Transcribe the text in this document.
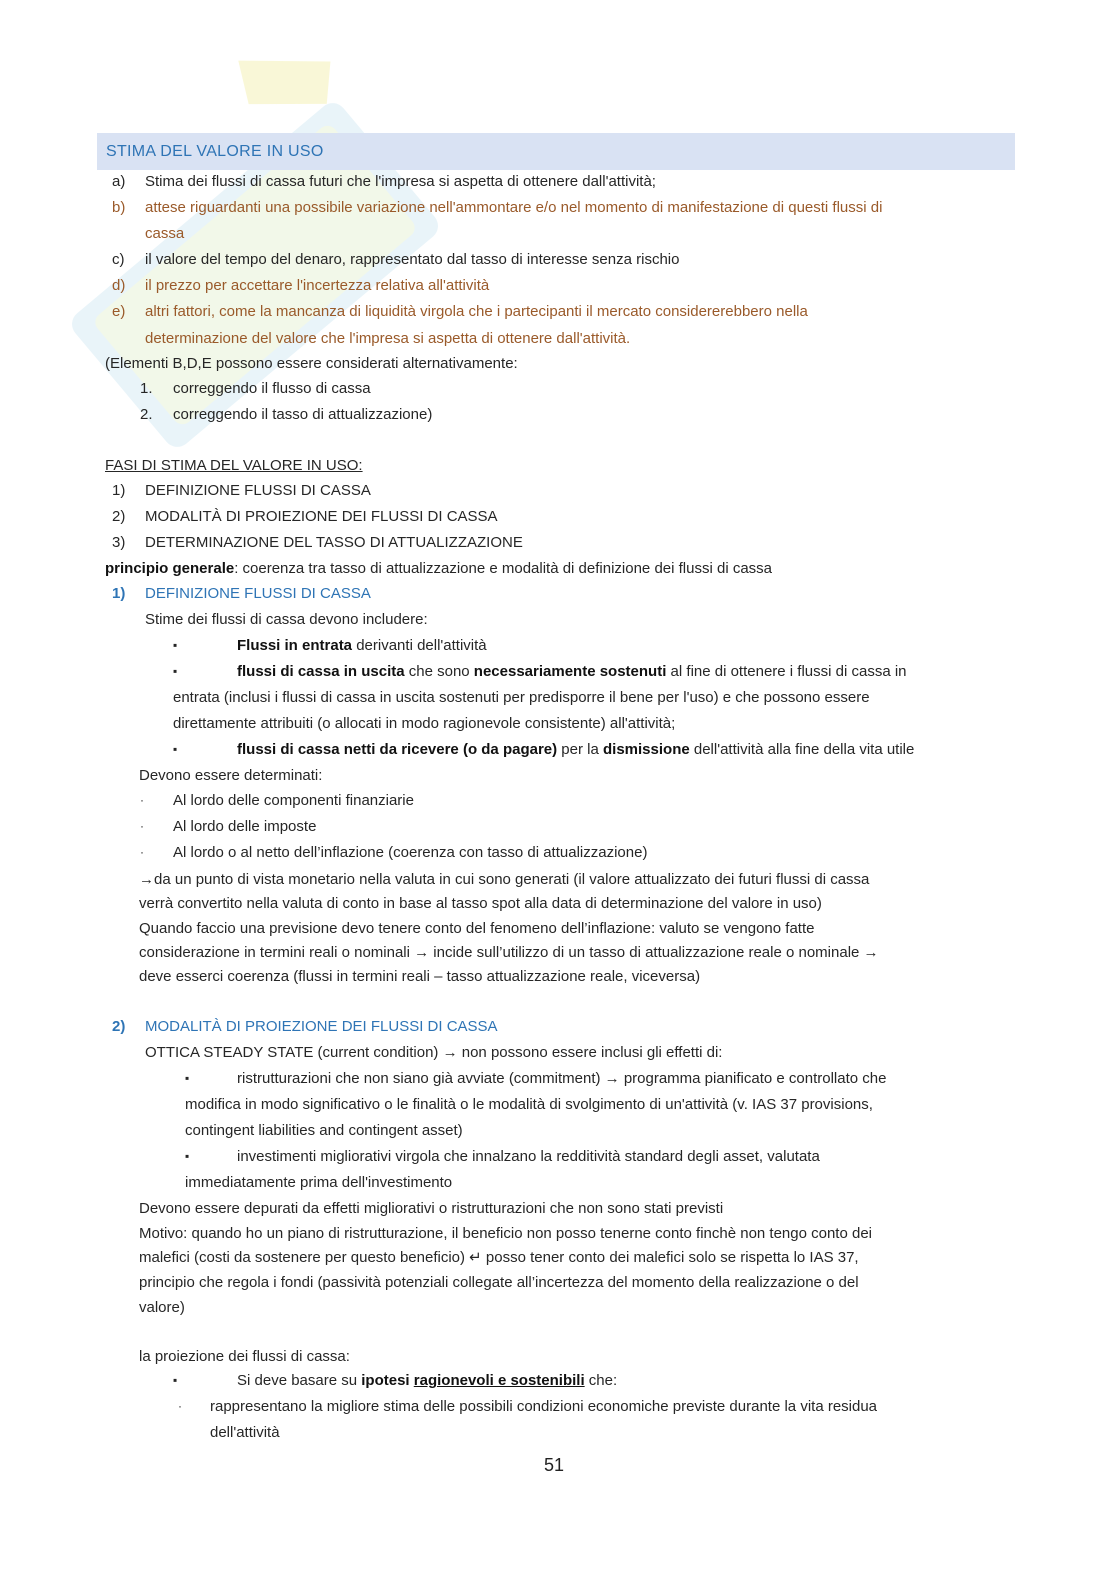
STIMA DEL VALORE IN USO
a) Stima dei flussi di cassa futuri che l'impresa si aspetta di ottenere dall'attività;
b) attese riguardanti una possibile variazione nell'ammontare e/o nel momento di manifestazione di questi flussi di
cassa
c) il valore del tempo del denaro, rappresentato dal tasso di interesse senza rischio
d) il prezzo per accettare l'incertezza relativa all'attività
e) altri fattori, come la mancanza di liquidità virgola che i partecipanti il mercato considererebbero nella
determinazione del valore che l'impresa si aspetta di ottenere dall'attività.
(Elementi B,D,E possono essere considerati alternativamente:
1. correggendo il flusso di cassa
2. correggendo il tasso di attualizzazione)
FASI DI STIMA DEL VALORE IN USO:
1) DEFINIZIONE FLUSSI DI CASSA
2) MODALITÀ DI PROIEZIONE DEI FLUSSI DI CASSA
3) DETERMINAZIONE DEL TASSO DI ATTUALIZZAZIONE
principio generale: coerenza tra tasso di attualizzazione e modalità di definizione dei flussi di cassa
1) DEFINIZIONE FLUSSI DI CASSA
Stime dei flussi di cassa devono includere:
▪	Flussi in entrata derivanti dell'attività
▪	flussi di cassa in uscita che sono necessariamente sostenuti al fine di ottenere i flussi di cassa in
entrata (inclusi i flussi di cassa in uscita sostenuti per predisporre il bene per l'uso) e che possono essere
direttamente attribuiti (o allocati in modo ragionevole consistente) all'attività;
▪	flussi di cassa netti da ricevere (o da pagare) per la dismissione dell'attività alla fine della vita utile
Devono essere determinati:
· Al lordo delle componenti finanziarie
· Al lordo delle imposte
· Al lordo o al netto dell’inflazione (coerenza con tasso di attualizzazione)
→da un punto di vista monetario nella valuta in cui sono generati (il valore attualizzato dei futuri flussi di cassa
verrà convertito nella valuta di conto in base al tasso spot alla data di determinazione del valore in uso)
Quando faccio una previsione devo tenere conto del fenomeno dell’inflazione: valuto se vengono fatte
considerazione in termini reali o nominali → incide sull’utilizzo di un tasso di attualizzazione reale o nominale →
deve esserci coerenza (flussi in termini reali – tasso attualizzazione reale, viceversa)
2) MODALITÀ DI PROIEZIONE DEI FLUSSI DI CASSA
OTTICA STEADY STATE (current condition) → non possono essere inclusi gli effetti di:
▪	ristrutturazioni che non siano già avviate (commitment) → programma pianificato e controllato che
modifica in modo significativo o le finalità o le modalità di svolgimento di un'attività (v. IAS 37 provisions,
contingent liabilities and contingent asset)
▪	investimenti migliorativi virgola che innalzano la redditività standard degli asset, valutata
immediatamente prima dell'investimento
Devono essere depurati da effetti migliorativi o ristrutturazioni che non sono stati previsti
Motivo: quando ho un piano di ristrutturazione, il beneficio non posso tenerne conto finchè non tengo conto dei
malefici (costi da sostenere per questo beneficio) ↵ posso tener conto dei malefici solo se rispetta lo IAS 37,
principio che regola i fondi (passività potenziali collegate all’incertezza del momento della realizzazione o del
valore)
la proiezione dei flussi di cassa:
▪	Si deve basare su ipotesi ragionevoli e sostenibili che:
· rappresentano la migliore stima delle possibili condizioni economiche previste durante la vita residua
dell'attività
51
